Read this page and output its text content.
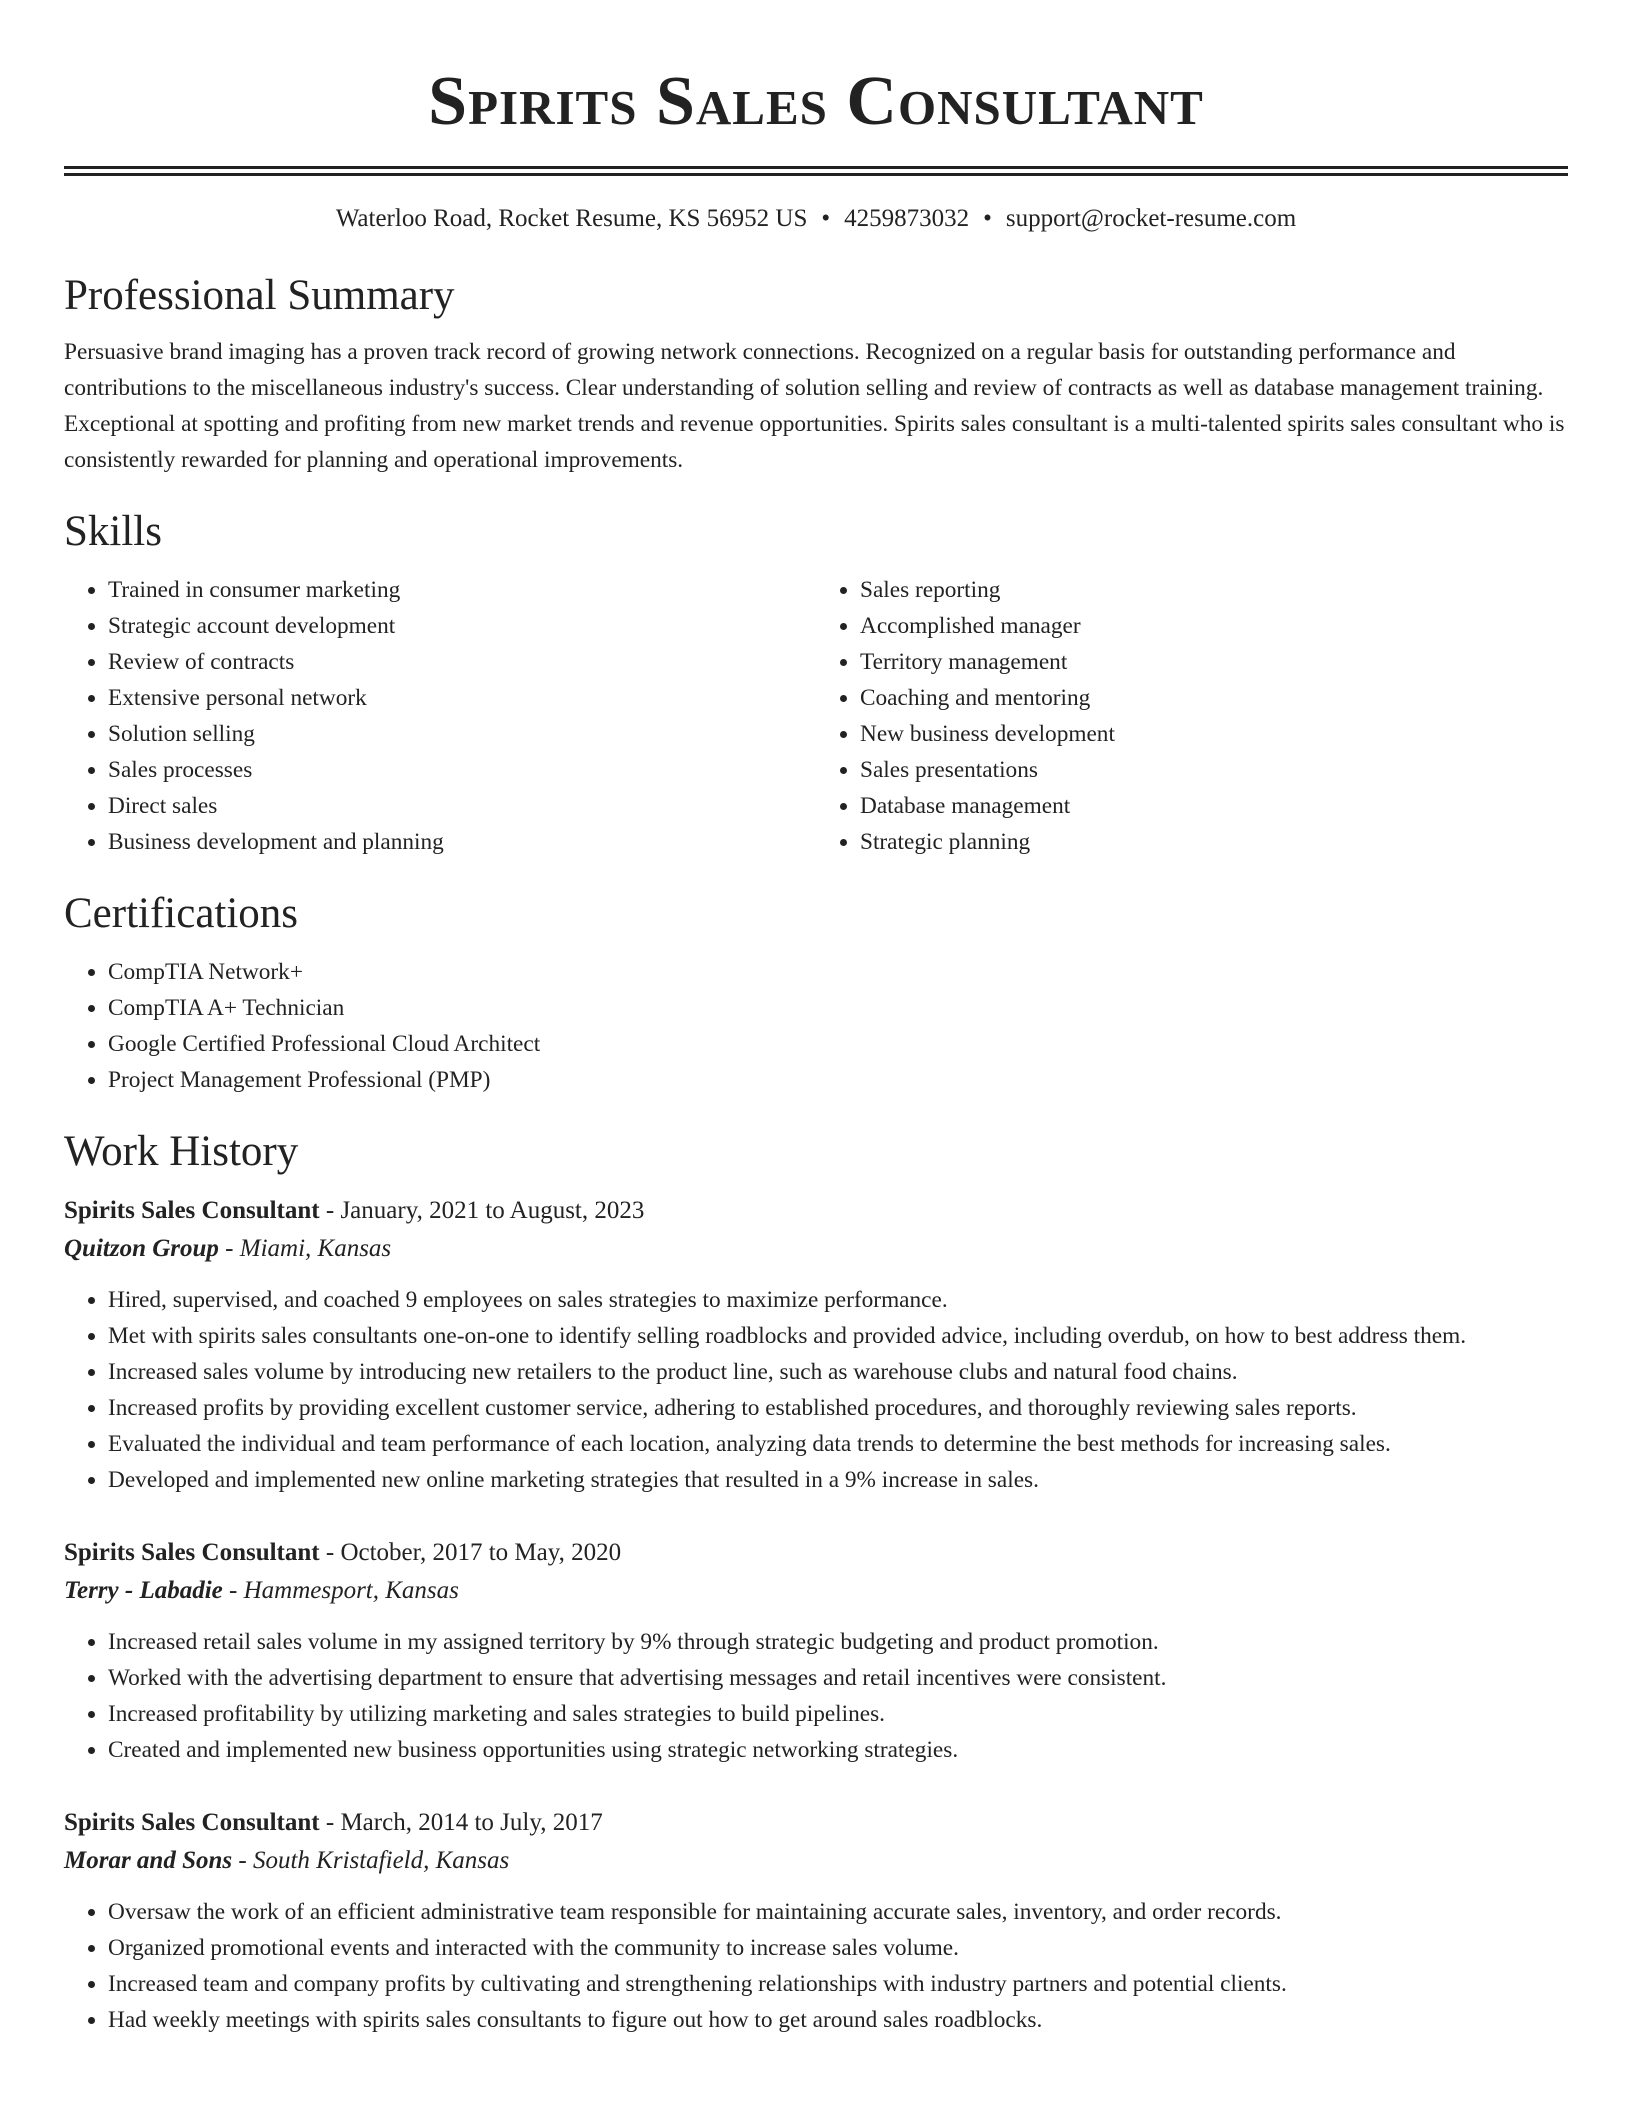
Spirits Sales Consultant
Waterloo Road, Rocket Resume, KS 56952 US • 4259873032 • support@rocket-resume.com
Professional Summary
Persuasive brand imaging has a proven track record of growing network connections. Recognized on a regular basis for outstanding performance and contributions to the miscellaneous industry's success. Clear understanding of solution selling and review of contracts as well as database management training. Exceptional at spotting and profiting from new market trends and revenue opportunities. Spirits sales consultant is a multi-talented spirits sales consultant who is consistently rewarded for planning and operational improvements.
Skills
• Trained in consumer marketing
• Strategic account development
• Review of contracts
• Extensive personal network
• Solution selling
• Sales processes
• Direct sales
• Business development and planning
• Sales reporting
• Accomplished manager
• Territory management
• Coaching and mentoring
• New business development
• Sales presentations
• Database management
• Strategic planning
Certifications
• CompTIA Network+
• CompTIA A+ Technician
• Google Certified Professional Cloud Architect
• Project Management Professional (PMP)
Work History
Spirits Sales Consultant - January, 2021 to August, 2023
Quitzon Group - Miami, Kansas
• Hired, supervised, and coached 9 employees on sales strategies to maximize performance.
• Met with spirits sales consultants one-on-one to identify selling roadblocks and provided advice, including overdub, on how to best address them.
• Increased sales volume by introducing new retailers to the product line, such as warehouse clubs and natural food chains.
• Increased profits by providing excellent customer service, adhering to established procedures, and thoroughly reviewing sales reports.
• Evaluated the individual and team performance of each location, analyzing data trends to determine the best methods for increasing sales.
• Developed and implemented new online marketing strategies that resulted in a 9% increase in sales.
Spirits Sales Consultant - October, 2017 to May, 2020
Terry - Labadie - Hammesport, Kansas
• Increased retail sales volume in my assigned territory by 9% through strategic budgeting and product promotion.
• Worked with the advertising department to ensure that advertising messages and retail incentives were consistent.
• Increased profitability by utilizing marketing and sales strategies to build pipelines.
• Created and implemented new business opportunities using strategic networking strategies.
Spirits Sales Consultant - March, 2014 to July, 2017
Morar and Sons - South Kristafield, Kansas
• Oversaw the work of an efficient administrative team responsible for maintaining accurate sales, inventory, and order records.
• Organized promotional events and interacted with the community to increase sales volume.
• Increased team and company profits by cultivating and strengthening relationships with industry partners and potential clients.
• Had weekly meetings with spirits sales consultants to figure out how to get around sales roadblocks.
